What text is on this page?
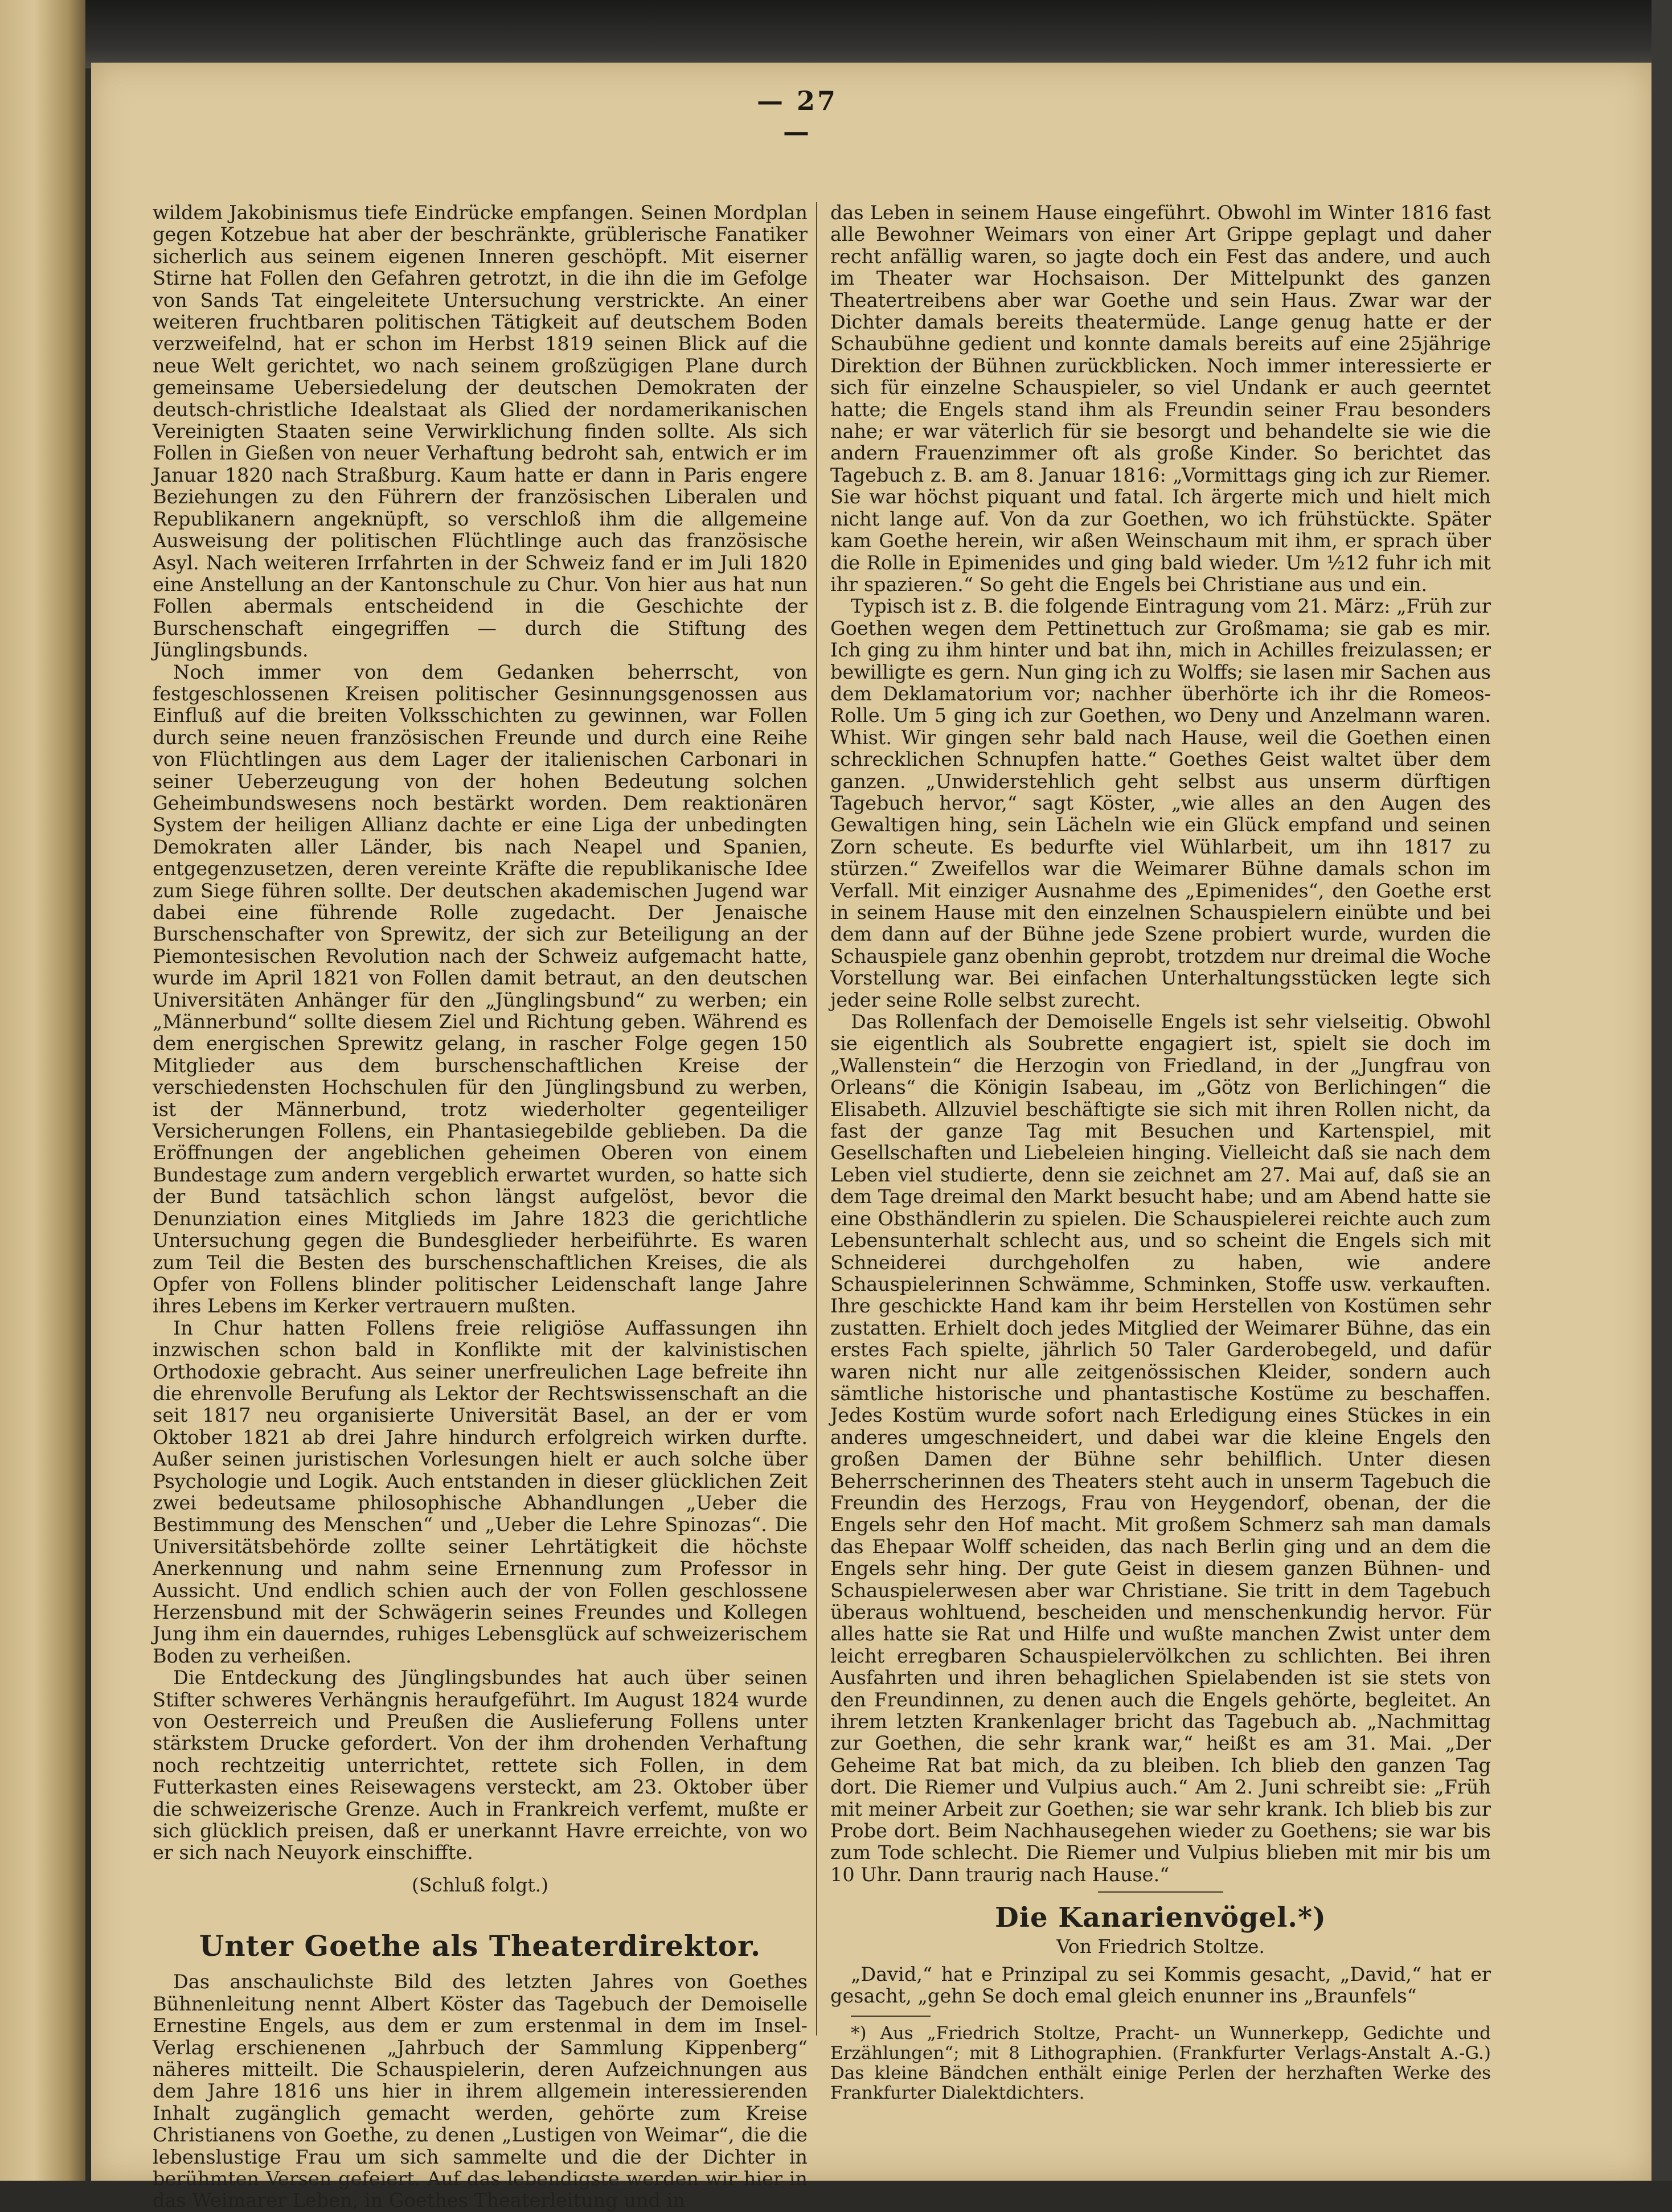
— 27 —

wildem Jakobinismus tiefe Eindrücke empfangen. Seinen Mordplan gegen Kotzebue hat aber der beschränkte, grüblerische Fanatiker sicherlich aus seinem eigenen Inneren geschöpft. Mit eiserner Stirne hat Follen den Gefahren getrotzt, in die ihn die im Gefolge von Sands Tat eingeleitete Untersuchung verstrickte. An einer weiteren fruchtbaren politischen Tätigkeit auf deutschem Boden verzweifelnd, hat er schon im Herbst 1819 seinen Blick auf die neue Welt gerichtet, wo nach seinem großzügigen Plane durch gemeinsame Uebersiedelung der deutschen Demokraten der deutsch-christliche Idealstaat als Glied der nordamerikanischen Vereinigten Staaten seine Verwirklichung finden sollte. Als sich Follen in Gießen von neuer Verhaftung bedroht sah, entwich er im Januar 1820 nach Straßburg. Kaum hatte er dann in Paris engere Beziehungen zu den Führern der französischen Liberalen und Republikanern angeknüpft, so verschloß ihm die allgemeine Ausweisung der politischen Flüchtlinge auch das französische Asyl. Nach weiteren Irrfahrten in der Schweiz fand er im Juli 1820 eine Anstellung an der Kantonschule zu Chur. Von hier aus hat nun Follen abermals entscheidend in die Geschichte der Burschenschaft eingegriffen — durch die Stiftung des Jünglingsbunds.

Noch immer von dem Gedanken beherrscht, von festgeschlossenen Kreisen politischer Gesinnungsgenossen aus Einfluß auf die breiten Volksschichten zu gewinnen, war Follen durch seine neuen französischen Freunde und durch eine Reihe von Flüchtlingen aus dem Lager der italienischen Carbonari in seiner Ueberzeugung von der hohen Bedeutung solchen Geheimbundswesens noch bestärkt worden. Dem reaktionären System der heiligen Allianz dachte er eine Liga der unbedingten Demokraten aller Länder, bis nach Neapel und Spanien, entgegenzusetzen, deren vereinte Kräfte die republikanische Idee zum Siege führen sollte. Der deutschen akademischen Jugend war dabei eine führende Rolle zugedacht. Der Jenaische Burschenschafter von Sprewitz, der sich zur Beteiligung an der Piemontesischen Revolution nach der Schweiz aufgemacht hatte, wurde im April 1821 von Follen damit betraut, an den deutschen Universitäten Anhänger für den „Jünglingsbund“ zu werben; ein „Männerbund“ sollte diesem Ziel und Richtung geben. Während es dem energischen Sprewitz gelang, in rascher Folge gegen 150 Mitglieder aus dem burschenschaftlichen Kreise der verschiedensten Hochschulen für den Jünglingsbund zu werben, ist der Männerbund, trotz wiederholter gegenteiliger Versicherungen Follens, ein Phantasiegebilde geblieben. Da die Eröffnungen der angeblichen geheimen Oberen von einem Bundestage zum andern vergeblich erwartet wurden, so hatte sich der Bund tatsächlich schon längst aufgelöst, bevor die Denunziation eines Mitglieds im Jahre 1823 die gerichtliche Untersuchung gegen die Bundesglieder herbeiführte. Es waren zum Teil die Besten des burschenschaftlichen Kreises, die als Opfer von Follens blinder politischer Leidenschaft lange Jahre ihres Lebens im Kerker vertrauern mußten.

In Chur hatten Follens freie religiöse Auffassungen ihn inzwischen schon bald in Konflikte mit der kalvinistischen Orthodoxie gebracht. Aus seiner unerfreulichen Lage befreite ihn die ehrenvolle Berufung als Lektor der Rechtswissenschaft an die seit 1817 neu organisierte Universität Basel, an der er vom Oktober 1821 ab drei Jahre hindurch erfolgreich wirken durfte. Außer seinen juristischen Vorlesungen hielt er auch solche über Psychologie und Logik. Auch entstanden in dieser glücklichen Zeit zwei bedeutsame philosophische Abhandlungen „Ueber die Bestimmung des Menschen“ und „Ueber die Lehre Spinozas“. Die Universitätsbehörde zollte seiner Lehrtätigkeit die höchste Anerkennung und nahm seine Ernennung zum Professor in Aussicht. Und endlich schien auch der von Follen geschlossene Herzensbund mit der Schwägerin seines Freundes und Kollegen Jung ihm ein dauerndes, ruhiges Lebensglück auf schweizerischem Boden zu verheißen.

Die Entdeckung des Jünglingsbundes hat auch über seinen Stifter schweres Verhängnis heraufgeführt. Im August 1824 wurde von Oesterreich und Preußen die Auslieferung Follens unter stärkstem Drucke gefordert. Von der ihm drohenden Verhaftung noch rechtzeitig unterrichtet, rettete sich Follen, in dem Futterkasten eines Reisewagens versteckt, am 23. Oktober über die schweizerische Grenze. Auch in Frankreich verfemt, mußte er sich glücklich preisen, daß er unerkannt Havre erreichte, von wo er sich nach Neuyork einschiffte.

(Schluß folgt.)
Unter Goethe als Theaterdirektor.

Das anschaulichste Bild des letzten Jahres von Goethes Bühnenleitung nennt Albert Köster das Tagebuch der Demoiselle Ernestine Engels, aus dem er zum erstenmal in dem im Insel-Verlag erschienenen „Jahrbuch der Sammlung Kippenberg“ näheres mitteilt. Die Schauspielerin, deren Aufzeichnungen aus dem Jahre 1816 uns hier in ihrem allgemein interessierenden Inhalt zugänglich gemacht werden, gehörte zum Kreise Christianens von Goethe, zu denen „Lustigen von Weimar“, die die lebenslustige Frau um sich sammelte und die der Dichter in berühmten Versen gefeiert. Auf das lebendigste werden wir hier in das Weimarer Leben, in Goethes Theaterleitung und in

das Leben in seinem Hause eingeführt. Obwohl im Winter 1816 fast alle Bewohner Weimars von einer Art Grippe geplagt und daher recht anfällig waren, so jagte doch ein Fest das andere, und auch im Theater war Hochsaison. Der Mittelpunkt des ganzen Theatertreibens aber war Goethe und sein Haus. Zwar war der Dichter damals bereits theatermüde. Lange genug hatte er der Schaubühne gedient und konnte damals bereits auf eine 25jährige Direktion der Bühnen zurückblicken. Noch immer interessierte er sich für einzelne Schauspieler, so viel Undank er auch geerntet hatte; die Engels stand ihm als Freundin seiner Frau besonders nahe; er war väterlich für sie besorgt und behandelte sie wie die andern Frauenzimmer oft als große Kinder. So berichtet das Tagebuch z. B. am 8. Januar 1816: „Vormittags ging ich zur Riemer. Sie war höchst piquant und fatal. Ich ärgerte mich und hielt mich nicht lange auf. Von da zur Goethen, wo ich frühstückte. Später kam Goethe herein, wir aßen Weinschaum mit ihm, er sprach über die Rolle in Epimenides und ging bald wieder. Um ½12 fuhr ich mit ihr spazieren.“ So geht die Engels bei Christiane aus und ein.

Typisch ist z. B. die folgende Eintragung vom 21. März: „Früh zur Goethen wegen dem Pettinettuch zur Großmama; sie gab es mir. Ich ging zu ihm hinter und bat ihn, mich in Achilles freizulassen; er bewilligte es gern. Nun ging ich zu Wolffs; sie lasen mir Sachen aus dem Deklamatorium vor; nachher überhörte ich ihr die Romeos-Rolle. Um 5 ging ich zur Goethen, wo Deny und Anzelmann waren. Whist. Wir gingen sehr bald nach Hause, weil die Goethen einen schrecklichen Schnupfen hatte.“ Goethes Geist waltet über dem ganzen. „Unwiderstehlich geht selbst aus unserm dürftigen Tagebuch hervor,“ sagt Köster, „wie alles an den Augen des Gewaltigen hing, sein Lächeln wie ein Glück empfand und seinen Zorn scheute. Es bedurfte viel Wühlarbeit, um ihn 1817 zu stürzen.“ Zweifellos war die Weimarer Bühne damals schon im Verfall. Mit einziger Ausnahme des „Epimenides“, den Goethe erst in seinem Hause mit den einzelnen Schauspielern einübte und bei dem dann auf der Bühne jede Szene probiert wurde, wurden die Schauspiele ganz obenhin geprobt, trotzdem nur dreimal die Woche Vorstellung war. Bei einfachen Unterhaltungsstücken legte sich jeder seine Rolle selbst zurecht.

Das Rollenfach der Demoiselle Engels ist sehr vielseitig. Obwohl sie eigentlich als Soubrette engagiert ist, spielt sie doch im „Wallenstein“ die Herzogin von Friedland, in der „Jungfrau von Orleans“ die Königin Isabeau, im „Götz von Berlichingen“ die Elisabeth. Allzuviel beschäftigte sie sich mit ihren Rollen nicht, da fast der ganze Tag mit Besuchen und Kartenspiel, mit Gesellschaften und Liebeleien hinging. Vielleicht daß sie nach dem Leben viel studierte, denn sie zeichnet am 27. Mai auf, daß sie an dem Tage dreimal den Markt besucht habe; und am Abend hatte sie eine Obsthändlerin zu spielen. Die Schauspielerei reichte auch zum Lebensunterhalt schlecht aus, und so scheint die Engels sich mit Schneiderei durchgeholfen zu haben, wie andere Schauspielerinnen Schwämme, Schminken, Stoffe usw. verkauften. Ihre geschickte Hand kam ihr beim Herstellen von Kostümen sehr zustatten. Erhielt doch jedes Mitglied der Weimarer Bühne, das ein erstes Fach spielte, jährlich 50 Taler Garderobegeld, und dafür waren nicht nur alle zeitgenössischen Kleider, sondern auch sämtliche historische und phantastische Kostüme zu beschaffen. Jedes Kostüm wurde sofort nach Erledigung eines Stückes in ein anderes umgeschneidert, und dabei war die kleine Engels den großen Damen der Bühne sehr behilflich. Unter diesen Beherrscherinnen des Theaters steht auch in unserm Tagebuch die Freundin des Herzogs, Frau von Heygendorf, obenan, der die Engels sehr den Hof macht. Mit großem Schmerz sah man damals das Ehepaar Wolff scheiden, das nach Berlin ging und an dem die Engels sehr hing. Der gute Geist in diesem ganzen Bühnen- und Schauspielerwesen aber war Christiane. Sie tritt in dem Tagebuch überaus wohltuend, bescheiden und menschenkundig hervor. Für alles hatte sie Rat und Hilfe und wußte manchen Zwist unter dem leicht erregbaren Schauspielervölkchen zu schlichten. Bei ihren Ausfahrten und ihren behaglichen Spielabenden ist sie stets von den Freundinnen, zu denen auch die Engels gehörte, begleitet. An ihrem letzten Krankenlager bricht das Tagebuch ab. „Nachmittag zur Goethen, die sehr krank war,“ heißt es am 31. Mai. „Der Geheime Rat bat mich, da zu bleiben. Ich blieb den ganzen Tag dort. Die Riemer und Vulpius auch.“ Am 2. Juni schreibt sie: „Früh mit meiner Arbeit zur Goethen; sie war sehr krank. Ich blieb bis zur Probe dort. Beim Nachhausegehen wieder zu Goethens; sie war bis zum Tode schlecht. Die Riemer und Vulpius blieben mit mir bis um 10 Uhr. Dann traurig nach Hause.“

Die Kanarienvögel.*)
Von Friedrich Stoltze.

„David,“ hat e Prinzipal zu sei Kommis gesacht, „David,“ hat er gesacht, „gehn Se doch emal gleich enunner ins „Braunfels“

*) Aus „Friedrich Stoltze, Pracht- un Wunnerkepp, Gedichte und Erzählungen“; mit 8 Lithographien. (Frankfurter Verlags-Anstalt A.-G.) Das kleine Bändchen enthält einige Perlen der herzhaften Werke des Frankfurter Dialektdichters.
